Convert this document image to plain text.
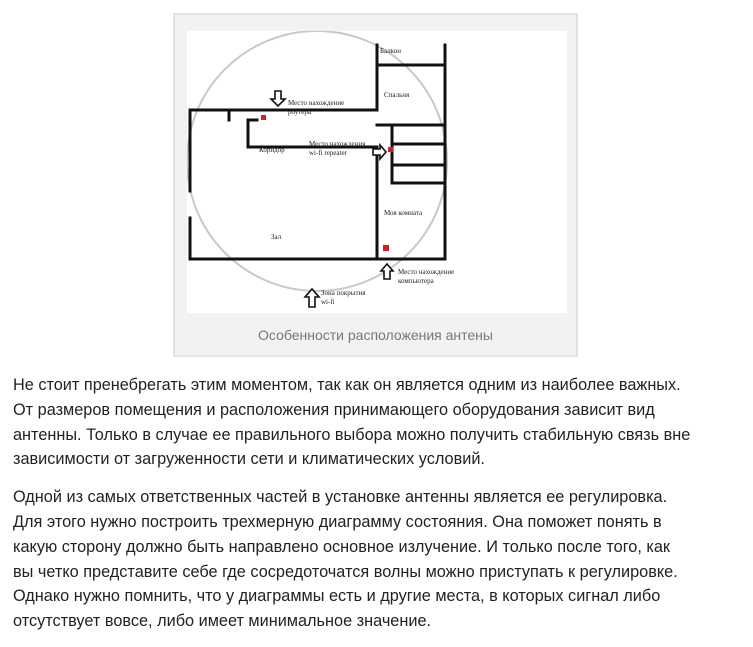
Балкон
Спальня
Место нахождение
роутера
Коридор
Место нахождения
wi-fi repeater
Моя комната
Зал
Место нахождение
компьютера
Зона покрытия
wi-fi
Особенности расположения антены

Не стоит пренебрегать этим моментом, так как он является одним из наиболее важных.
От размеров помещения и расположения принимающего оборудования зависит вид
антенны. Только в случае ее правильного выбора можно получить стабильную связь вне
зависимости от загруженности сети и климатических условий.

Одной из самых ответственных частей в установке антенны является ее регулировка.
Для этого нужно построить трехмерную диаграмму состояния. Она поможет понять в
какую сторону должно быть направлено основное излучение. И только после того, как
вы четко представите себе где сосредоточатся волны можно приступать к регулировке.
Однако нужно помнить, что у диаграммы есть и другие места, в которых сигнал либо
отсутствует вовсе, либо имеет минимальное значение.
